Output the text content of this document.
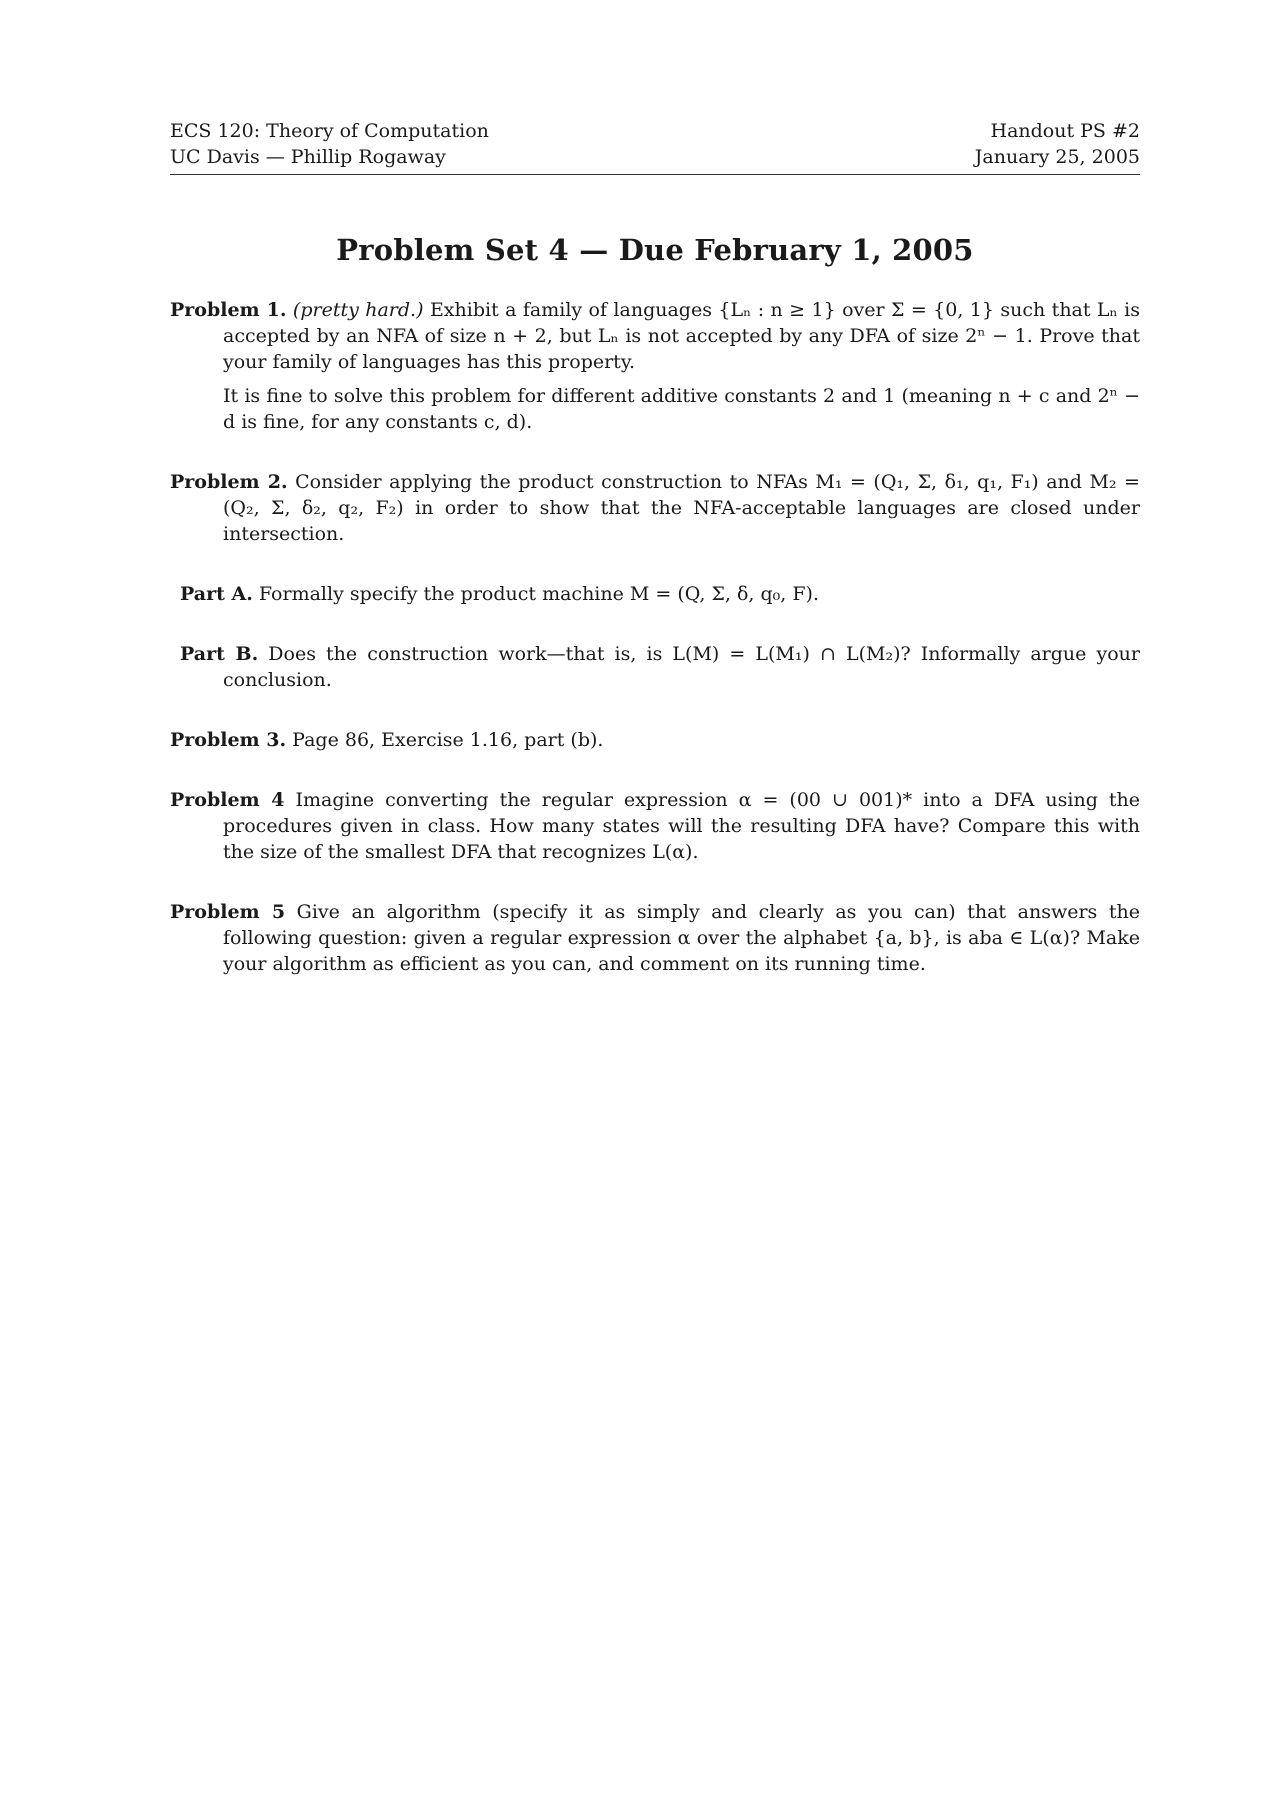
ECS 120: Theory of Computation
UC Davis — Phillip Rogaway
Handout PS #2
January 25, 2005
Problem Set 4 — Due February 1, 2005

Problem 1. (pretty hard.) Exhibit a family of languages {Lₙ : n ≥ 1} over Σ = {0, 1} such that Lₙ is accepted by an NFA of size n + 2, but Lₙ is not accepted by any DFA of size 2ⁿ − 1. Prove that your family of languages has this property.

It is fine to solve this problem for different additive constants 2 and 1 (meaning n + c and 2ⁿ − d is fine, for any constants c, d).

Problem 2. Consider applying the product construction to NFAs M₁ = (Q₁, Σ, δ₁, q₁, F₁) and M₂ = (Q₂, Σ, δ₂, q₂, F₂) in order to show that the NFA-acceptable languages are closed under intersection.

Part A. Formally specify the product machine M = (Q, Σ, δ, q₀, F).

Part B. Does the construction work—that is, is L(M) = L(M₁) ∩ L(M₂)? Informally argue your conclusion.

Problem 3. Page 86, Exercise 1.16, part (b).

Problem 4 Imagine converting the regular expression α = (00 ∪ 001)* into a DFA using the procedures given in class. How many states will the resulting DFA have? Compare this with the size of the smallest DFA that recognizes L(α).

Problem 5 Give an algorithm (specify it as simply and clearly as you can) that answers the following question: given a regular expression α over the alphabet {a, b}, is aba ∈ L(α)? Make your algorithm as efficient as you can, and comment on its running time.
